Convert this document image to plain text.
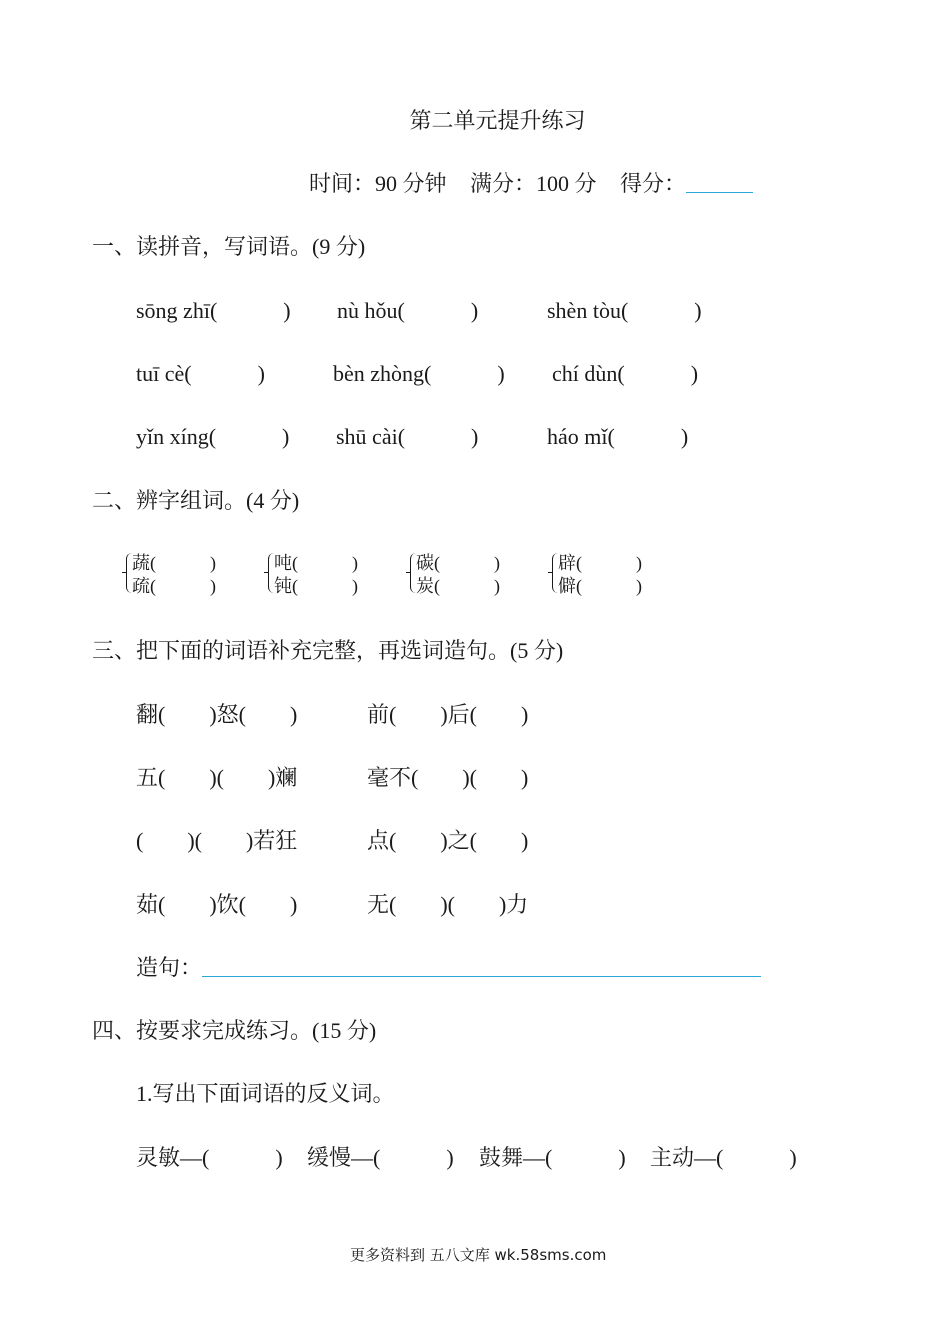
第二单元提升练习
时间：90 分钟 满分：100 分 得分：
一、读拼音，写词语。(9 分)
sōng zhī(            ) nù hǒu(            )	shèn tòu(            )
tuī cè(            )	bèn zhòng(            ) chí dùn(            )
yǐn xíng(            ) shū cài(            )	háo mǐ(            )
二、辨字组词。(4 分)
蔬(            )
疏(            )
吨(            )
钝(            )
碳(            )
炭(            )
辟(            )
僻(            )
三、把下面的词语补充完整，再选词造句。(5 分)
翻(        )怒(        )	前(        )后(        )
五(        )(        )斓	毫不(        )(        )
(        )(        )若狂	点(        )之(        )
茹(        )饮(        )	无(        )(        )力
造句：
四、按要求完成练习。(15 分)
1.写出下面词语的反义词。
灵敏—(            ) 缓慢—(            ) 鼓舞—(            ) 主动—(            )
更多资料到 五八文库 wk.58sms.com
